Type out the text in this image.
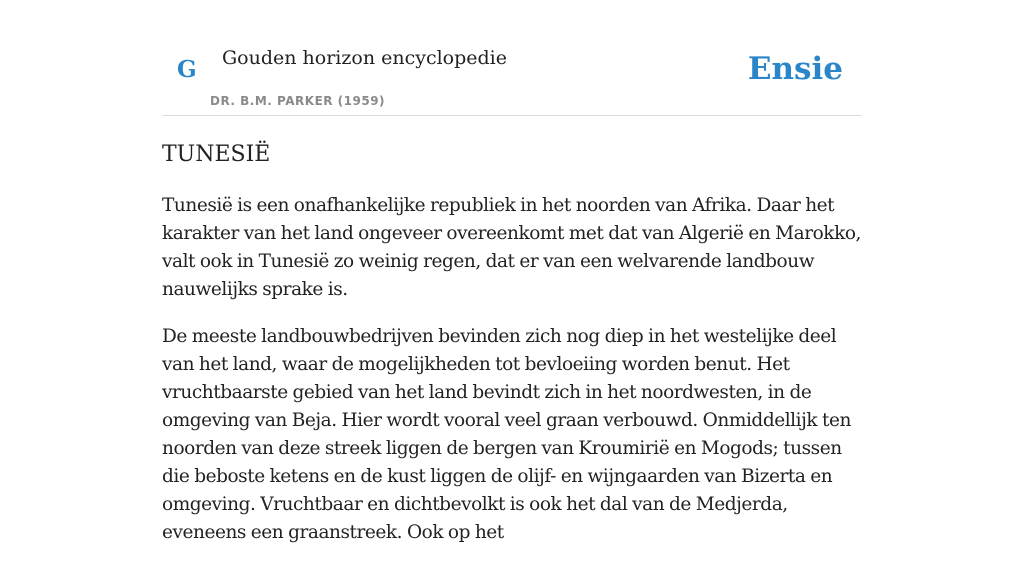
G Gouden horizon encyclopedie
DR. B.M. PARKER (1959)
Ensie
TUNESIË

Tunesië is een onafhankelijke republiek in het noorden van Afrika. Daar het karakter van het land ongeveer overeenkomt met dat van Algerië en Marokko, valt ook in Tunesië zo weinig regen, dat er van een welvarende landbouw nauwelijks sprake is.

De meeste landbouwbedrijven bevinden zich nog diep in het westelijke deel van het land, waar de mogelijkheden tot bevloeiing worden benut. Het vruchtbaarste gebied van het land bevindt zich in het noordwesten, in de omgeving van Beja. Hier wordt vooral veel graan verbouwd. Onmiddellijk ten noorden van deze streek liggen de bergen van Kroumirië en Mogods; tussen die beboste ketens en de kust liggen de olijf- en wijngaarden van Bizerta en omgeving. Vruchtbaar en dichtbevolkt is ook het dal van de Medjerda, eveneens een graanstreek. Ook op het
